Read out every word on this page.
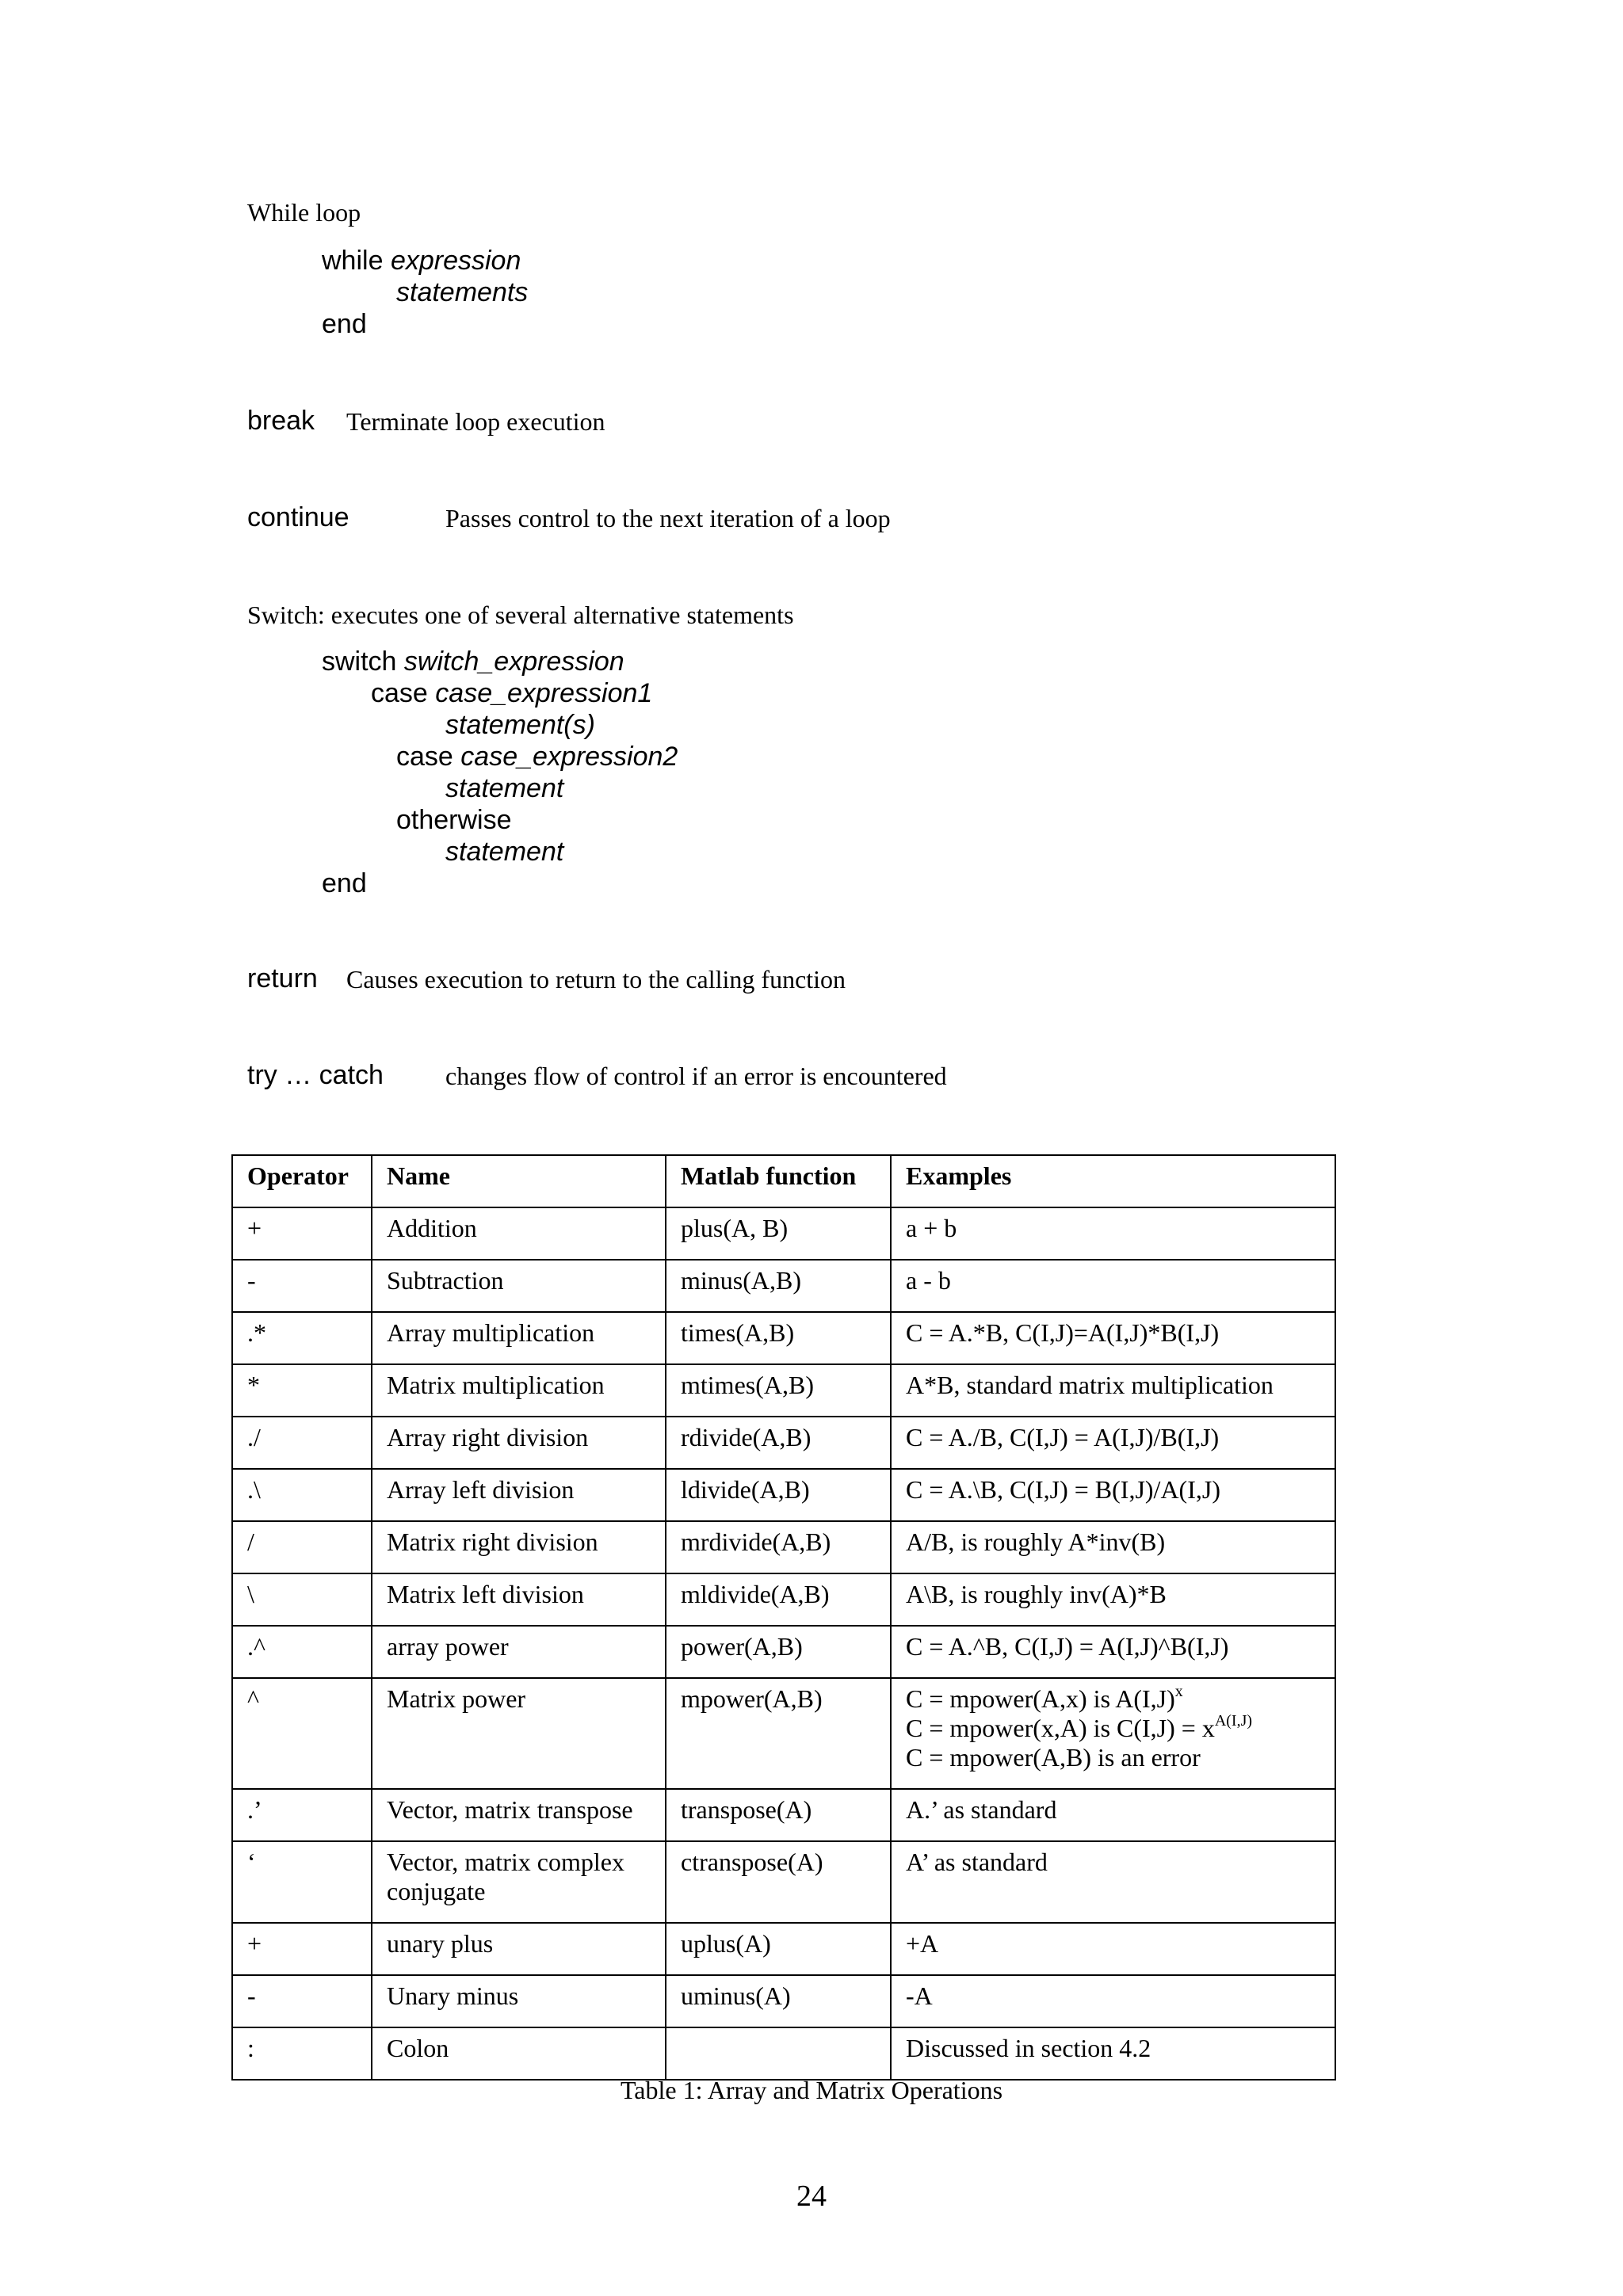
While loop
while expression
statements
end
break Terminate loop execution
continue	Passes control to the next iteration of a loop
Switch: executes one of several alternative statements
switch switch_expression
case case_expression1
statement(s)
case case_expression2
statement
otherwise
statement
end
return Causes execution to return to the calling function
try … catch changes flow of control if an error is encountered
Operator	Name	Matlab function	Examples
+	Addition	plus(A, B)	a + b
-	Subtraction	minus(A,B)	a - b
.*	Array multiplication	times(A,B)	C = A.*B, C(I,J)=A(I,J)*B(I,J)
*	Matrix multiplication	mtimes(A,B)	A*B, standard matrix multiplication
./	Array right division	rdivide(A,B)	C = A./B, C(I,J) = A(I,J)/B(I,J)
.\	Array left division	ldivide(A,B)	C = A.\B, C(I,J) = B(I,J)/A(I,J)
/	Matrix right division	mrdivide(A,B)	A/B, is roughly A*inv(B)
\	Matrix left division	mldivide(A,B)	A\B, is roughly inv(A)*B
.^	array power	power(A,B)	C = A.^B, C(I,J) = A(I,J)^B(I,J)
^	Matrix power	mpower(A,B)	C = mpower(A,x) is $A(I,J)^x$
C = mpower(x,A) is $C(I,J) = x^{A(I,J)}$
C = mpower(A,B) is an error

.’	Vector, matrix transpose	transpose(A)	A.’ as standard
‘	Vector, matrix complex conjugate	ctranspose(A)	A’ as standard
+	unary plus	uplus(A)	+A
-	Unary minus	uminus(A)	-A
:	Colon		Discussed in section 4.2
Table 1: Array and Matrix Operations
24
